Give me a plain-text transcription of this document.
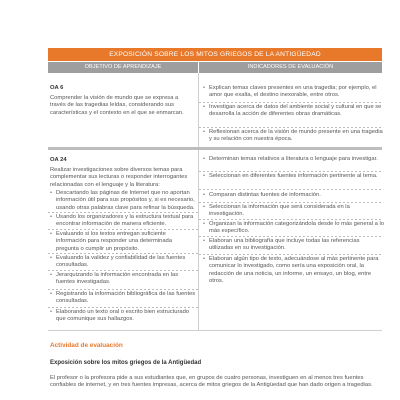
EXPOSICIÓN SOBRE LOS MITOS GRIEGOS DE LA ANTIGÜEDAD
OBJETIVO DE APRENDIZAJE	INDICADORES DE EVALUACIÓN
OA 6
Comprender la visión de mundo que se expresa a través de las tragedias leídas, considerando sus características y el contexto en el que se enmarcan.
• Explican temas claves presentes en una tragedia; por ejemplo, el amor que exalta, el destino inexorable, entre otros.
• Investigan acerca de datos del ambiente social y cultural en que se desarrolla la acción de diferentes obras dramáticas.
• Reflexionan acerca de la visión de mundo presente en una tragedia y su relación con nuestra época.
OA 24
Realizar investigaciones sobre diversos temas para complementar sus lecturas o responder interrogantes relacionadas con el lenguaje y la literatura:
• Descartando las páginas de Internet que no aportan información útil para sus propósitos y, si es necesario, usando otras palabras clave para refinar la búsqueda.
• Usando los organizadores y la estructura textual para encontrar información de manera eficiente.
• Evaluando si los textos entregan suficiente información para responder una determinada pregunta o cumplir un propósito.
• Evaluando la validez y confiabilidad de las fuentes consultadas.
• Jerarquizando la información encontrada en las fuentes investigadas.
• Registrando la información bibliográfica de las fuentes consultadas.
• Elaborando un texto oral o escrito bien estructurado que comunique sus hallazgos.
• Determinan temas relativos a literatura o lenguaje para investigar.
• Seleccionan en diferentes fuentes información pertinente al tema.
• Comparan distintas fuentes de información.
• Seleccionan la información que será considerada en la investigación.
• Organizan la información categorizándola desde lo más general a lo más específico.
• Elaboran una bibliografía que incluye todas las referencias utilizadas en su investigación.
• Elaboran algún tipo de texto, adecuándose al más pertinente para comunicar lo investigado, como sería una exposición oral, la redacción de una noticia, un informe, un ensayo, un blog, entre otros.
Actividad de evaluación
Exposición sobre los mitos griegos de la Antigüedad
El profesor o la profesora pide a sus estudiantes que, en grupos de cuatro personas, investiguen en al menos tres fuentes confiables de internet, y en tres fuentes impresas, acerca de mitos griegos de la Antigüedad que han dado origen a tragedias.
